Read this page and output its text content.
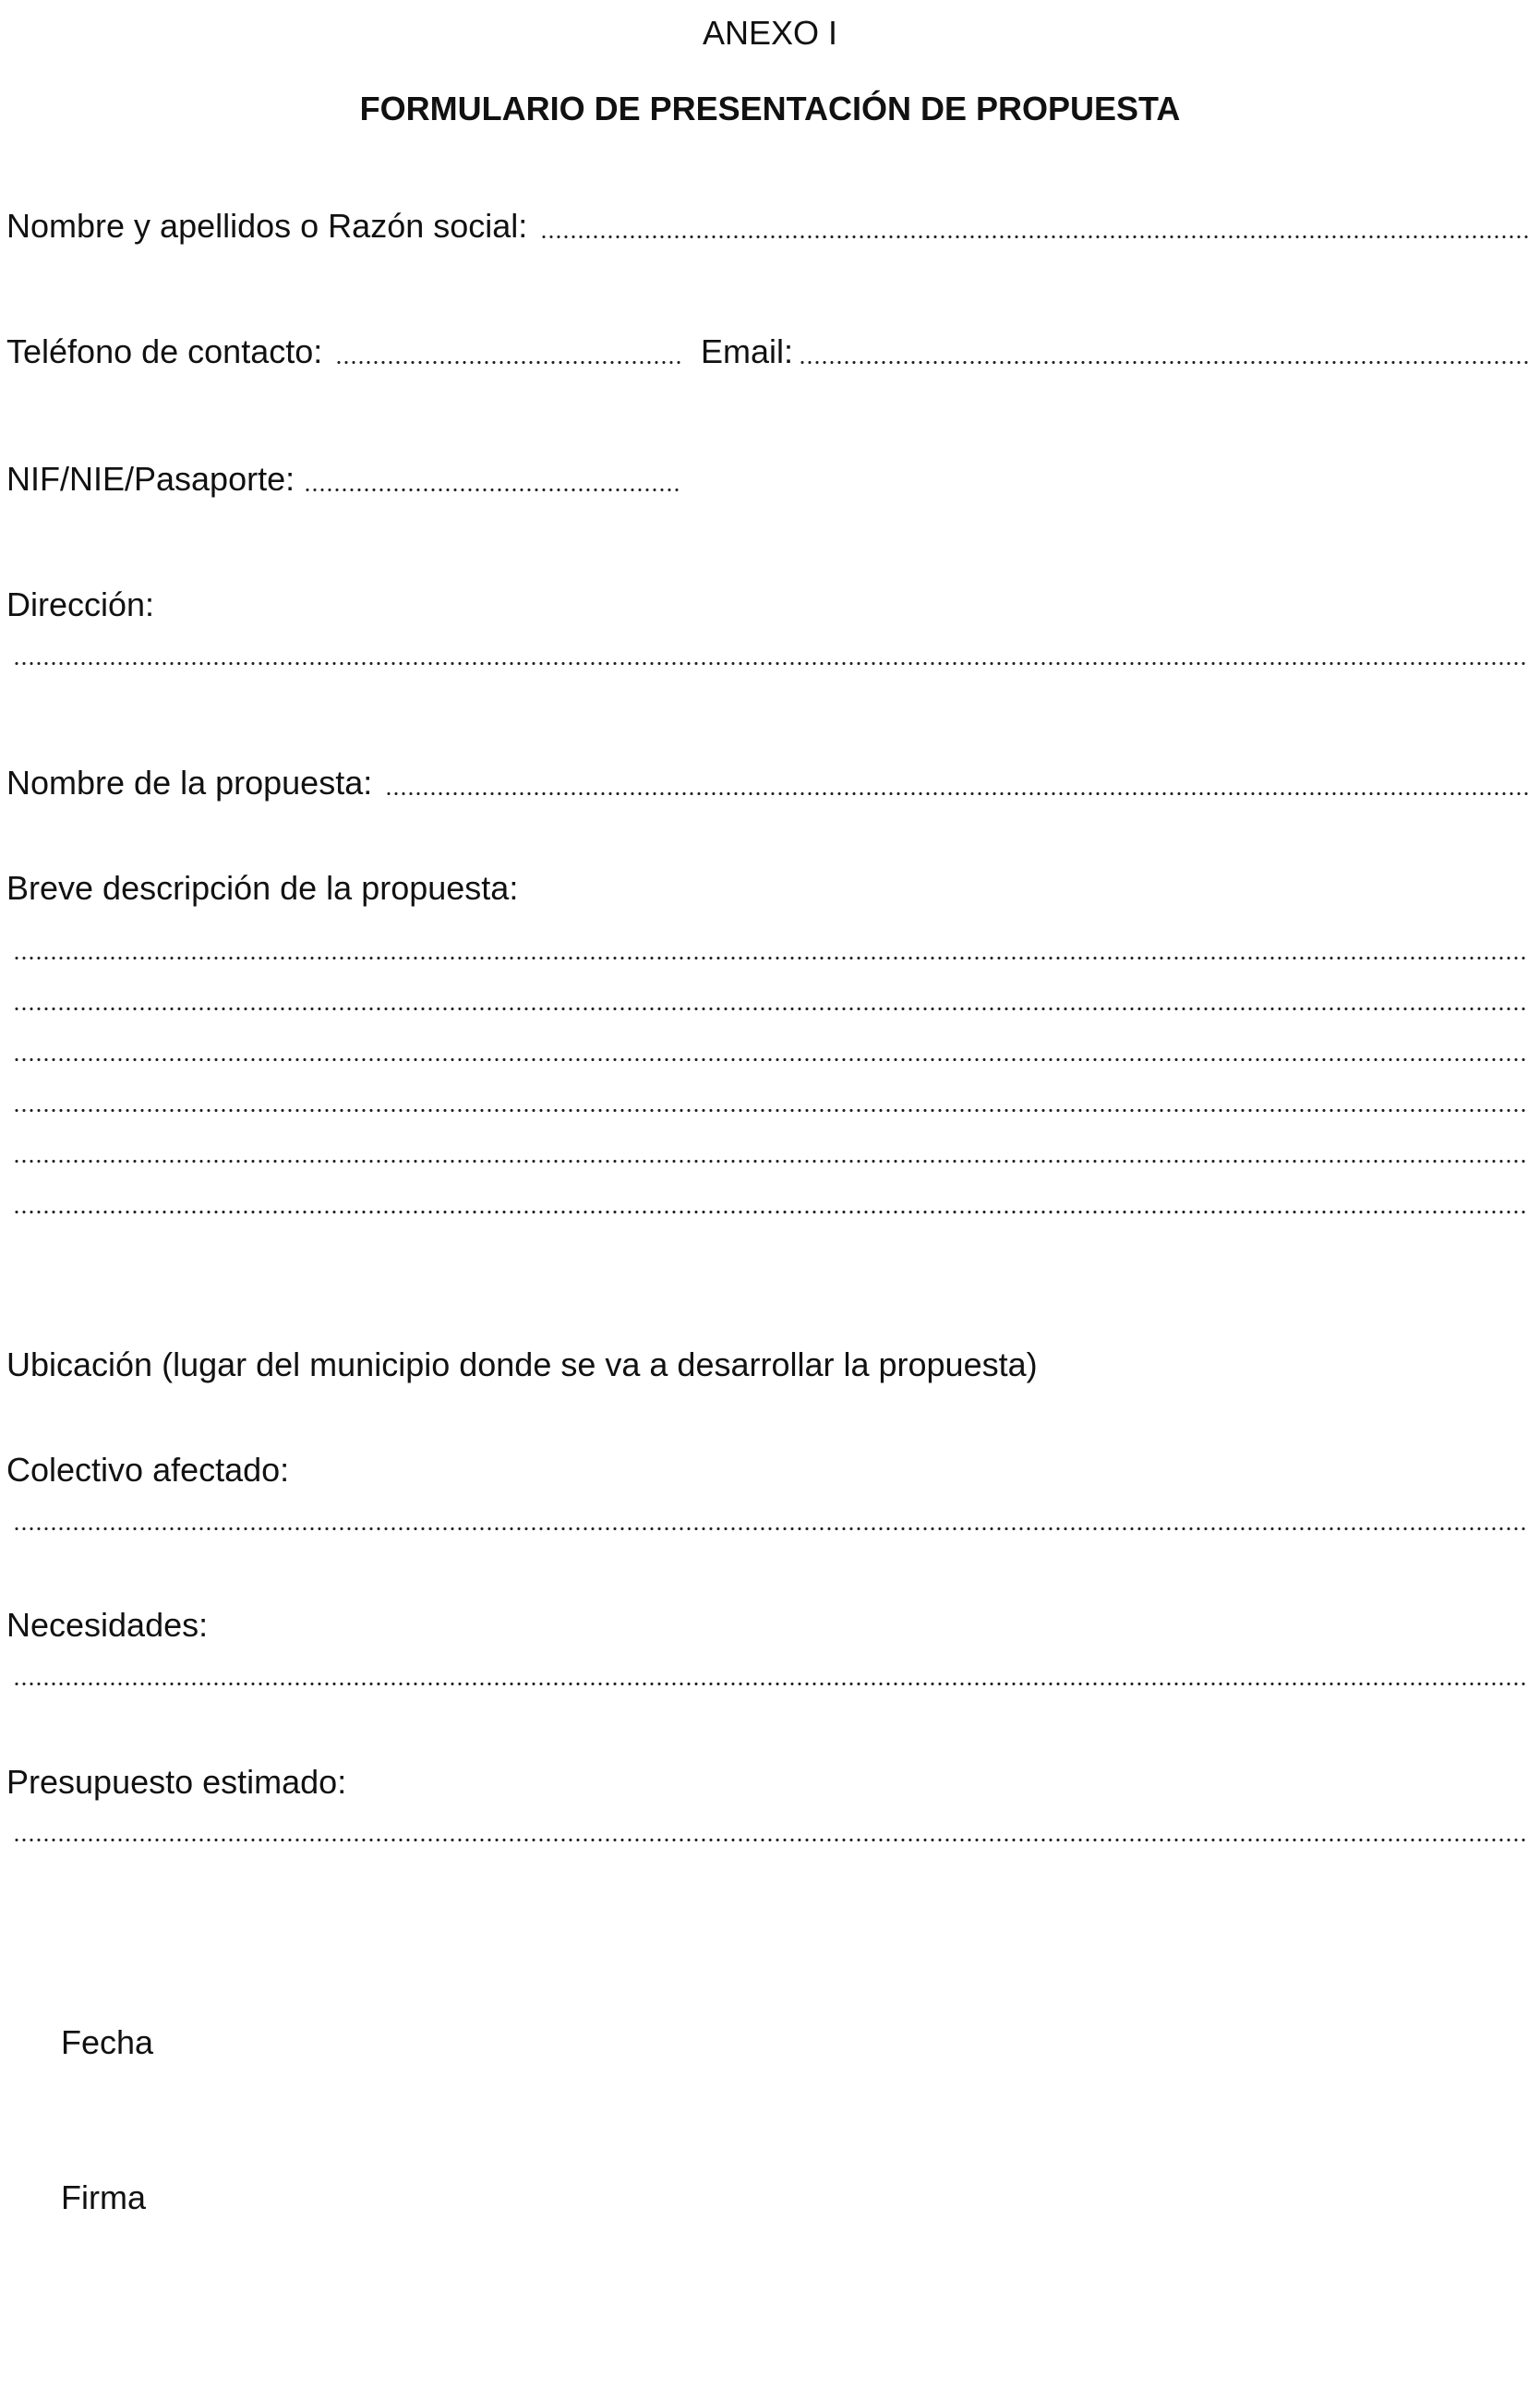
ANEXO I
FORMULARIO DE PRESENTACIÓN DE PROPUESTA
Nombre y apellidos o Razón social:
Teléfono de contacto:	Email:
NIF/NIE/Pasaporte:
Dirección:
Nombre de la propuesta:
Breve descripción de la propuesta:
Ubicación (lugar del municipio donde se va a desarrollar la propuesta)
Colectivo afectado:
Necesidades:
Presupuesto estimado:
Fecha
Firma
